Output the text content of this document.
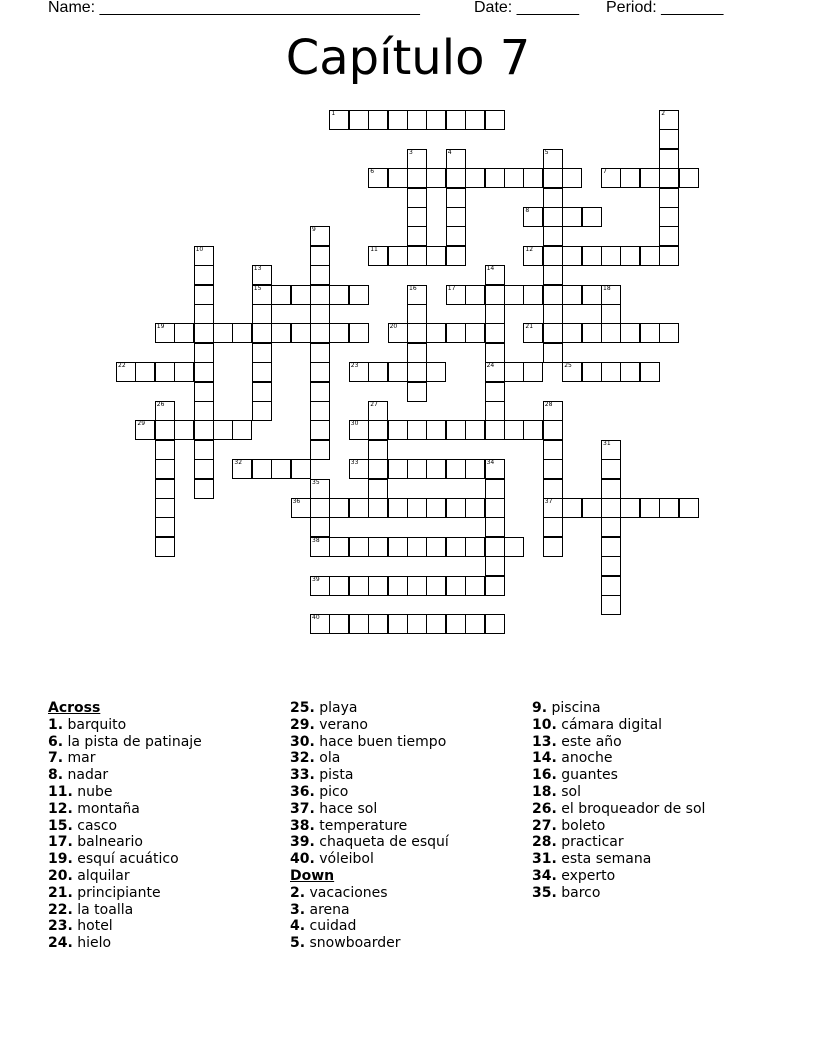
Name: ____________________________________	Date: _______ Period: _______
Capítulo 7
1	2
3	4	5
6	7
8
9
10	11	12
13
15
14
24
16	17	18
19	20	21
22	23	25
26	27	28
37
29	30
31
32	33	34
35
38
36
39
40
Across
1. barquito
6. la pista de patinaje
7. mar
8. nadar
11. nube
12. montaña
15. casco
17. balneario
19. esquí acuático
20. alquilar
21. principiante
22. la toalla
23. hotel
24. hielo
25. playa
29. verano
30. hace buen tiempo
32. ola
33. pista
36. pico
37. hace sol
38. temperature
39. chaqueta de esquí
40. vóleibol
Down
2. vacaciones
3. arena
4. cuidad
5. snowboarder
9. piscina
10. cámara digital
13. este año
14. anoche
16. guantes
18. sol
26. el broqueador de sol
27. boleto
28. practicar
31. esta semana
34. experto
35. barco
